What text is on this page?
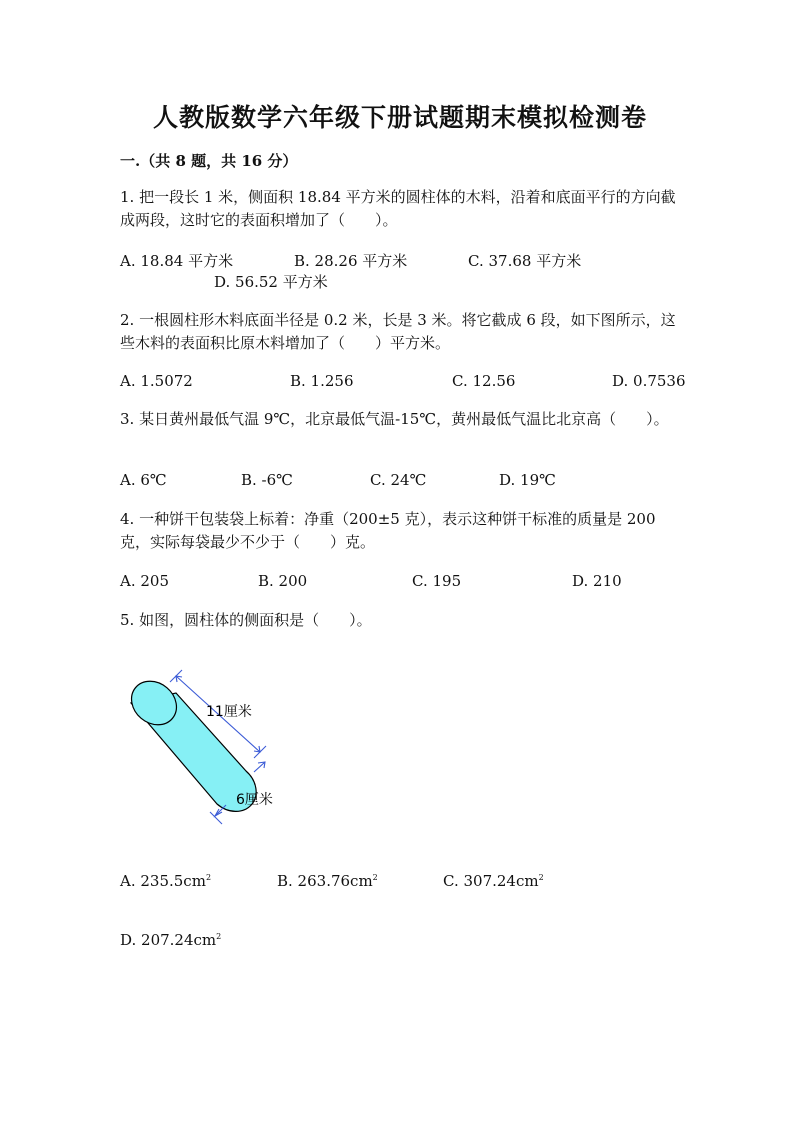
人教版数学六年级下册试题期末模拟检测卷
一.（共 8 题，共 16 分）
1. 把一段长 1 米，侧面积 18.84 平方米的圆柱体的木料，沿着和底面平行的方向截成两段，这时它的表面积增加了（　　）。
A. 18.84 平方米	B. 28.26 平方米	C. 37.68 平方米
D. 56.52 平方米
2. 一根圆柱形木料底面半径是 0.2 米，长是 3 米。将它截成 6 段，如下图所示，这些木料的表面积比原木料增加了（　　）平方米。
A. 1.5072	B. 1.256	C. 12.56	D. 0.7536
3. 某日黄州最低气温 9℃，北京最低气温-15℃，黄州最低气温比北京高（　　）。
A. 6℃	B. -6℃	C. 24℃	D. 19℃
4. 一种饼干包装袋上标着：净重（200±5 克），表示这种饼干标准的质量是 200 克，实际每袋最少不少于（　　）克。
A. 205	B. 200	C. 195	D. 210
5. 如图，圆柱体的侧面积是（　　）。
11厘米
6厘米
A. $235.5cm^2$	B. $263.76cm^2$	C. $307.24cm^2$
D. $207.24cm^2$
